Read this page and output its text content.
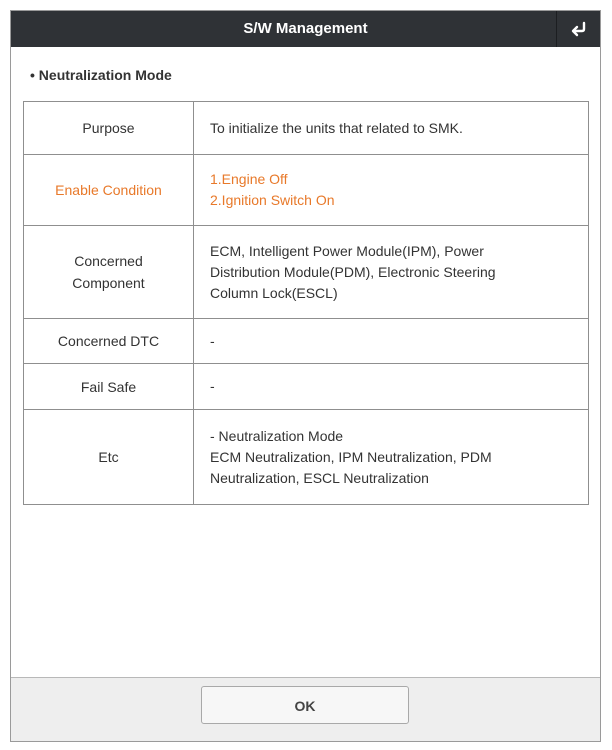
S/W Management
• Neutralization Mode
Purpose	To initialize the units that related to SMK.

Enable Condition	1.Engine Off
2.Ignition Switch On

Concerned
Component	ECM, Intelligent Power Module(IPM), Power
Distribution Module(PDM), Electronic Steering
Column Lock(ESCL)

Concerned DTC	-

Fail Safe	-

Etc	- Neutralization Mode
ECM Neutralization, IPM Neutralization, PDM
Neutralization, ESCL Neutralization
OK
